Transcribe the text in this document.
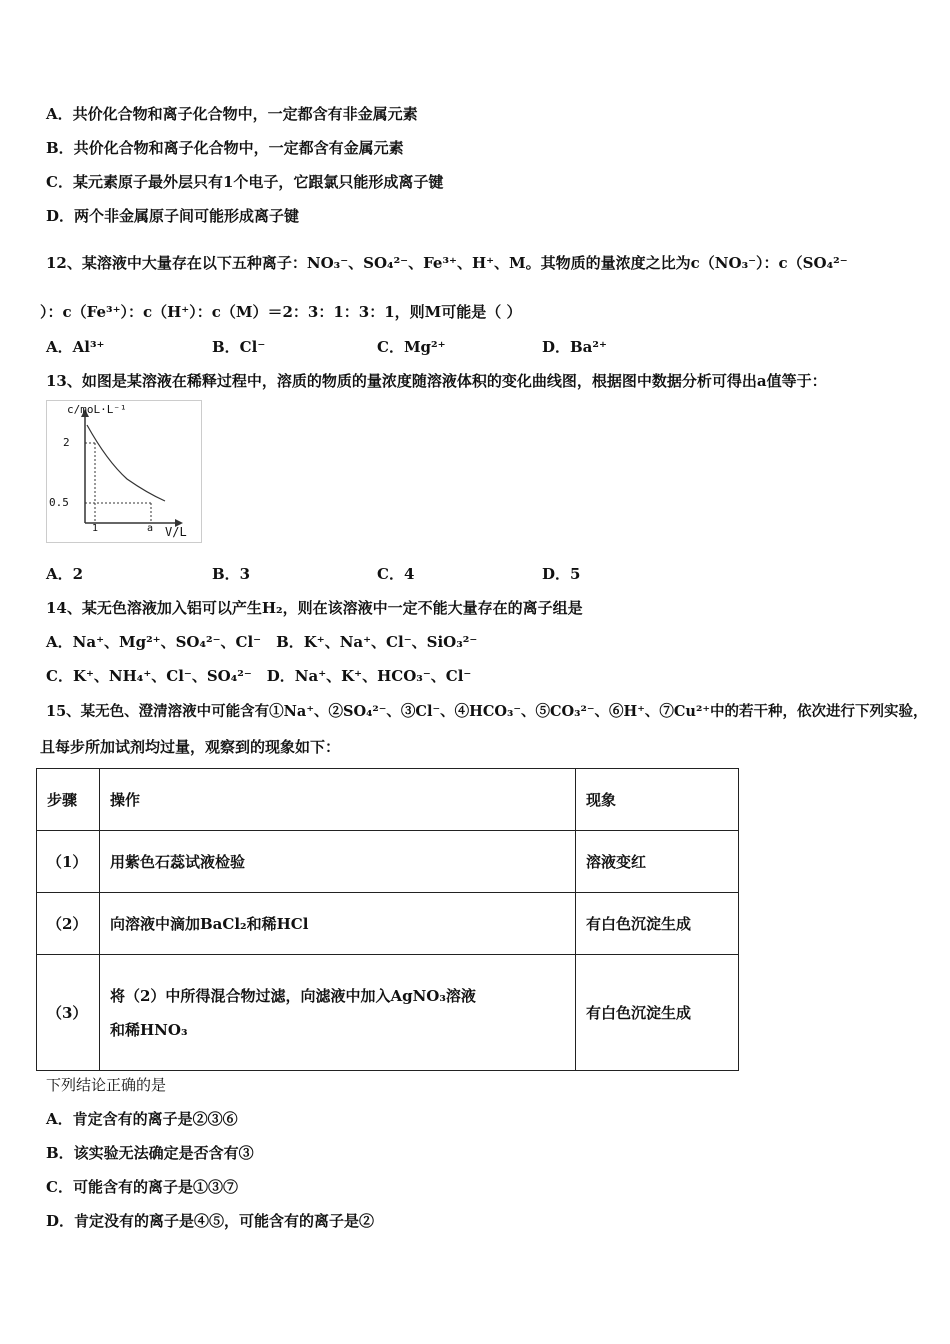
A．共价化合物和离子化合物中，一定都含有非金属元素
B．共价化合物和离子化合物中，一定都含有金属元素
C．某元素原子最外层只有1个电子，它跟氯只能形成离子键
D．两个非金属原子间可能形成离子键
12、某溶液中大量存在以下五种离子：NO₃⁻、SO₄²⁻、Fe³⁺、H⁺、M。其物质的量浓度之比为c（NO₃⁻）：c（SO₄²⁻
）：c（Fe³⁺）：c（H⁺）：c（M）＝2：3：1：3：1，则M可能是（ ）
A．Al³⁺	B．Cl⁻	C．Mg²⁺	D．Ba²⁺
13、如图是某溶液在稀释过程中，溶质的物质的量浓度随溶液体积的变化曲线图，根据图中数据分析可得出a值等于：
c/moL·L⁻¹
2
0.5
1	a V/L
A．2	B．3	C．4	D．5
14、某无色溶液加入铝可以产生H₂，则在该溶液中一定不能大量存在的离子组是
A．Na⁺、Mg²⁺、SO₄²⁻、Cl⁻　B．K⁺、Na⁺、Cl⁻、SiO₃²⁻
C．K⁺、NH₄⁺、Cl⁻、SO₄²⁻　D．Na⁺、K⁺、HCO₃⁻、Cl⁻
15、某无色、澄清溶液中可能含有①Na⁺、②SO₄²⁻、③Cl⁻、④HCO₃⁻、⑤CO₃²⁻、⑥H⁺、⑦Cu²⁺中的若干种，依次进行下列实验，
且每步所加试剂均过量，观察到的现象如下：
步骤	操作	现象
（1）	用紫色石蕊试液检验	溶液变红
（2）	向溶液中滴加BaCl₂和稀HCl	有白色沉淀生成
（3）	将（2）中所得混合物过滤，向滤液中加入AgNO₃溶液
和稀HNO₃	有白色沉淀生成
下列结论正确的是
A．肯定含有的离子是②③⑥
B．该实验无法确定是否含有③
C．可能含有的离子是①③⑦
D．肯定没有的离子是④⑤，可能含有的离子是②
